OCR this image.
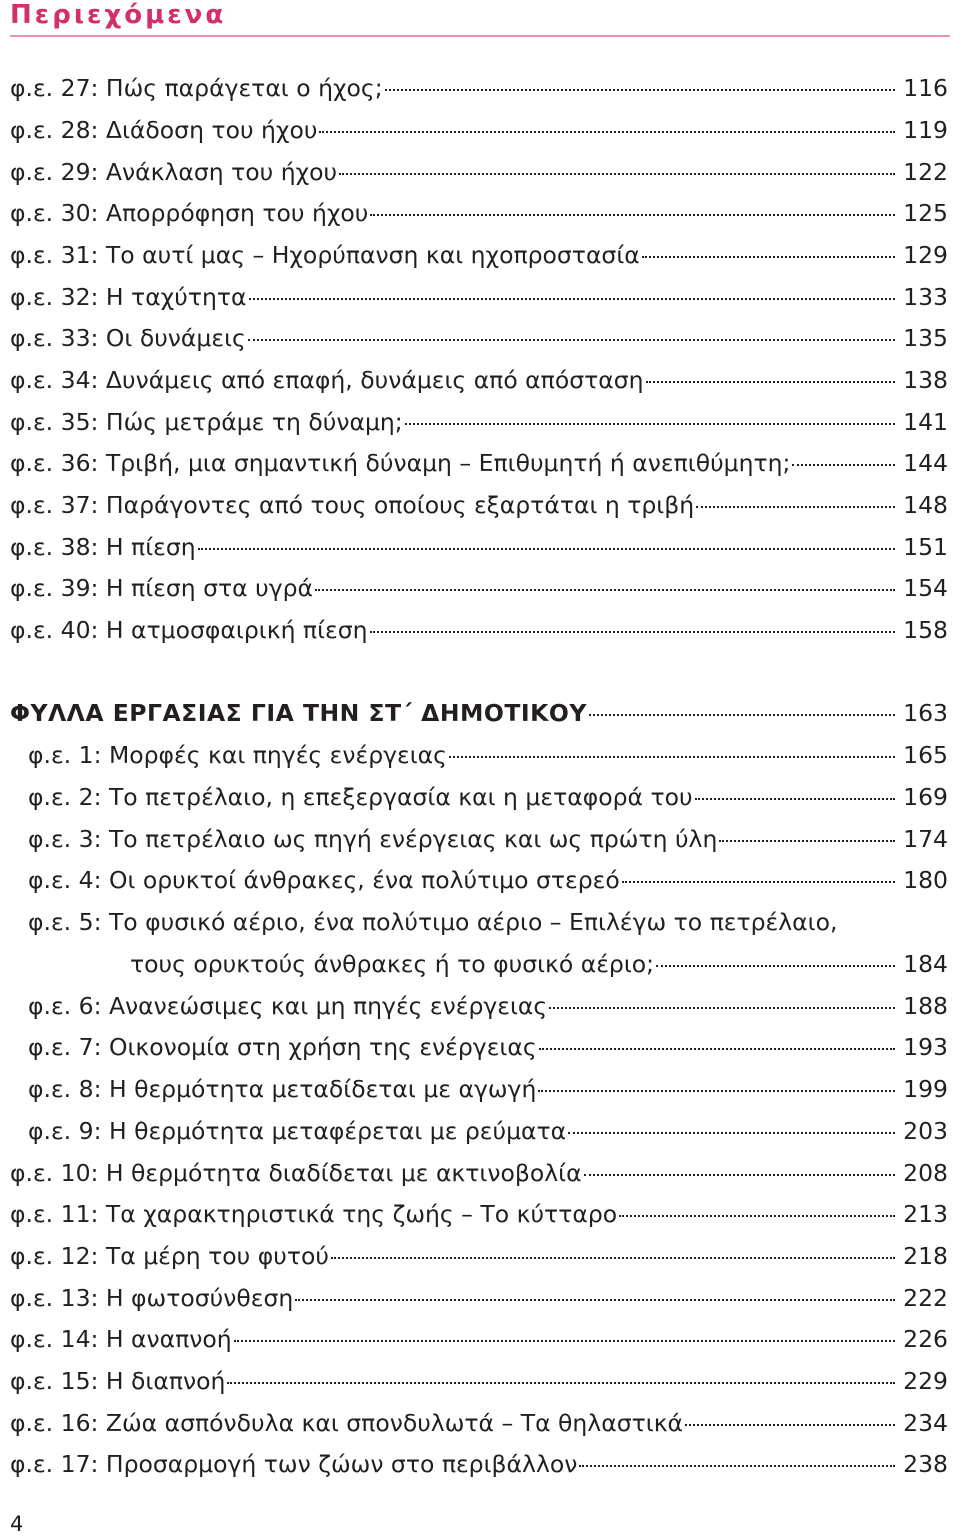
Περιεχόμενα
φ.ε. 27: Πώς παράγεται ο ήχος;	116
φ.ε. 28: Διάδοση του ήχου	119
φ.ε. 29: Ανάκλαση του ήχου	122
φ.ε. 30: Απορρόφηση του ήχου	125
φ.ε. 31: Το αυτί μας – Ηχορύπανση και ηχοπροστασία	129
φ.ε. 32: Η ταχύτητα	133
φ.ε. 33: Οι δυνάμεις	135
φ.ε. 34: Δυνάμεις από επαφή, δυνάμεις από απόσταση	138
φ.ε. 35: Πώς μετράμε τη δύναμη;	141
φ.ε. 36: Τριβή, μια σημαντική δύναμη – Επιθυμητή ή ανεπιθύμητη;	144
φ.ε. 37: Παράγοντες από τους οποίους εξαρτάται η τριβή	148
φ.ε. 38: Η πίεση	151
φ.ε. 39: Η πίεση στα υγρά	154
φ.ε. 40: Η ατμοσφαιρική πίεση	158
ΦΥΛΛΑ ΕΡΓΑΣΙΑΣ ΓΙΑ ΤΗΝ ΣΤ΄ ΔΗΜΟΤΙΚΟΥ	163
φ.ε. 1: Μορφές και πηγές ενέργειας	165
φ.ε. 2: Το πετρέλαιο, η επεξεργασία και η μεταφορά του	169
φ.ε. 3: Το πετρέλαιο ως πηγή ενέργειας και ως πρώτη ύλη	174
φ.ε. 4: Οι ορυκτοί άνθρακες, ένα πολύτιμο στερεό	180
φ.ε. 5: Το φυσικό αέριο, ένα πολύτιμο αέριο – Επιλέγω το πετρέλαιο,
τους ορυκτούς άνθρακες ή το φυσικό αέριο;	184
φ.ε. 6: Ανανεώσιμες και μη πηγές ενέργειας	188
φ.ε. 7: Οικονομία στη χρήση της ενέργειας	193
φ.ε. 8: Η θερμότητα μεταδίδεται με αγωγή	199
φ.ε. 9: Η θερμότητα μεταφέρεται με ρεύματα	203
φ.ε. 10: Η θερμότητα διαδίδεται με ακτινοβολία	208
φ.ε. 11: Τα χαρακτηριστικά της ζωής – Το κύτταρο	213
φ.ε. 12: Τα μέρη του φυτού	218
φ.ε. 13: Η φωτοσύνθεση	222
φ.ε. 14: Η αναπνοή	226
φ.ε. 15: Η διαπνοή	229
φ.ε. 16: Ζώα ασπόνδυλα και σπονδυλωτά – Τα θηλαστικά	234
φ.ε. 17: Προσαρμογή των ζώων στο περιβάλλον	238
4
